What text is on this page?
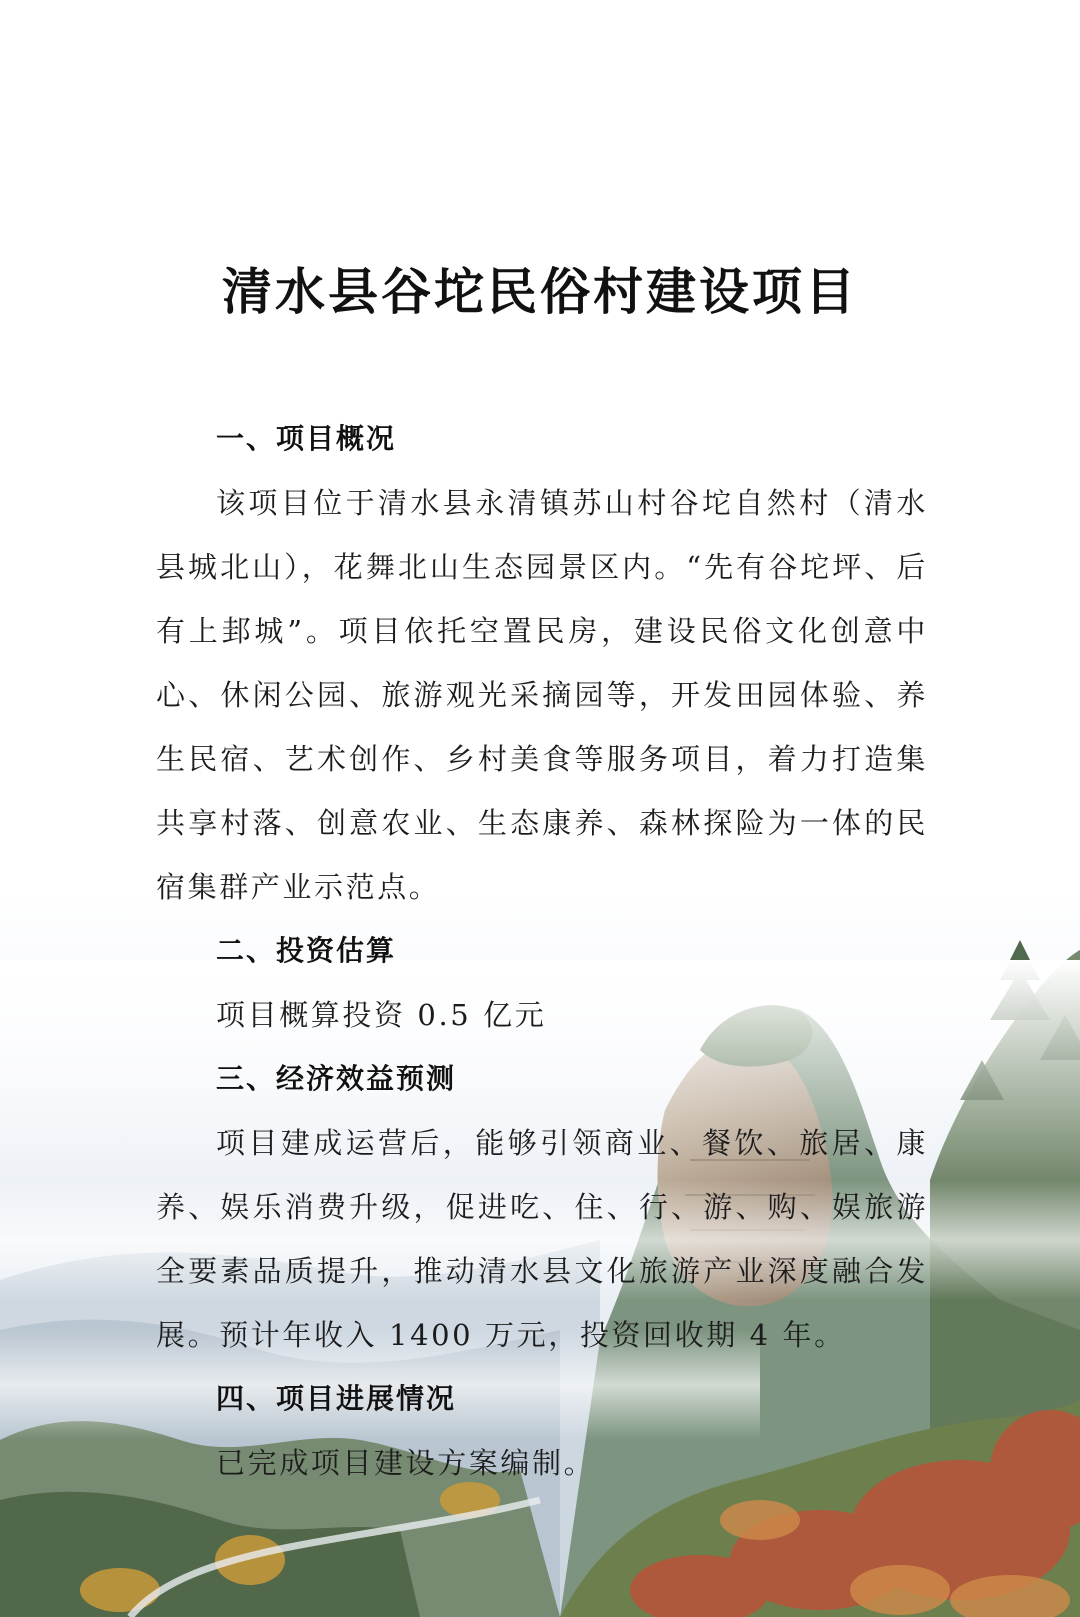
清水县谷坨民俗村建设项目
一、项目概况

该项目位于清水县永清镇苏山村谷坨自然村（清水县城北山），花舞北山生态园景区内。“先有谷坨坪、后有上邽城”。项目依托空置民房，建设民俗文化创意中心、休闲公园、旅游观光采摘园等，开发田园体验、养生民宿、艺术创作、乡村美食等服务项目，着力打造集共享村落、创意农业、生态康养、森林探险为一体的民宿集群产业示范点。

二、投资估算

项目概算投资 0.5 亿元

三、经济效益预测

项目建成运营后，能够引领商业、餐饮、旅居、康养、娱乐消费升级，促进吃、住、行、游、购、娱旅游全要素品质提升，推动清水县文化旅游产业深度融合发展。预计年收入 1400 万元，投资回收期 4 年。

四、项目进展情况

已完成项目建设方案编制。
